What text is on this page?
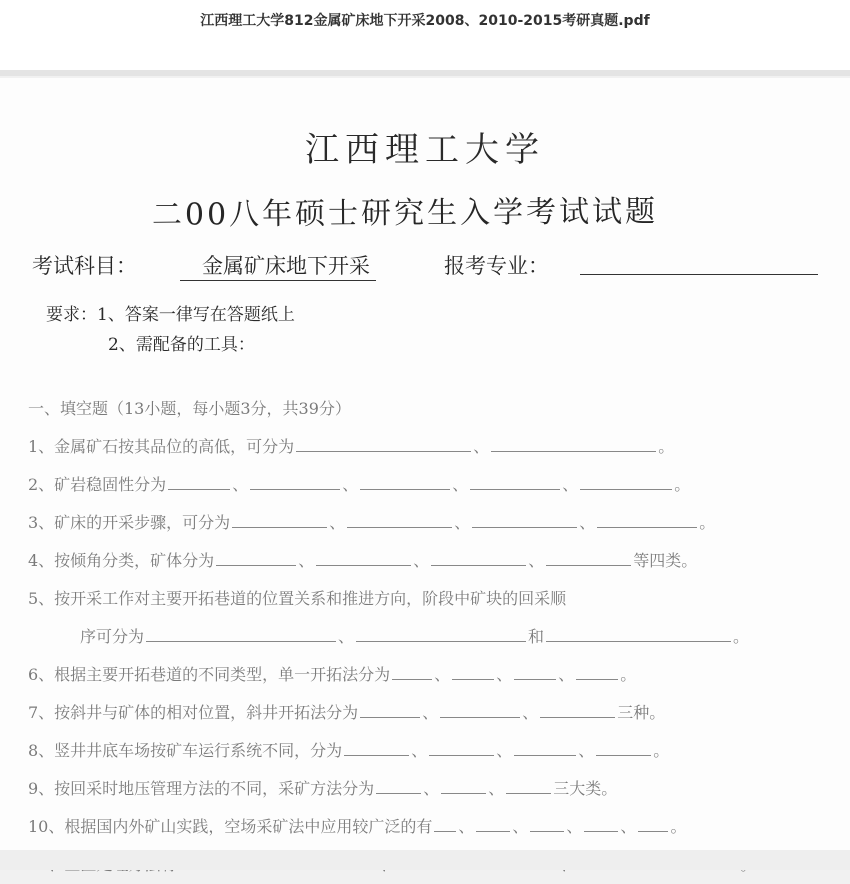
江西理工大学812金属矿床地下开采2008、2010-2015考研真题.pdf
江西理工大学
二00八年硕士研究生入学考试试题
考试科目：	金属矿床地下开采	报考专业：
要求：1、答案一律写在答题纸上
2、需配备的工具：
一、填空题（13小题，每小题3分，共39分）
1、金属矿石按其品位的高低，可分为	、	。
2、矿岩稳固性分为	、	、	、	、	。
3、矿床的开采步骤，可分为	、	、	、	。
4、按倾角分类，矿体分为	、	、	、	等四类。
5、按开采工作对主要开拓巷道的位置关系和推进方向，阶段中矿块的回采顺
序可分为	、	和	。
6、根据主要开拓巷道的不同类型，单一开拓法分为	、	、	、	。
7、按斜井与矿体的相对位置，斜井开拓法分为	、	、	三种。
8、竖井井底车场按矿车运行系统不同，分为	、	、	、	。
9、按回采时地压管理方法的不同，采矿方法分为	、	、	三大类。
10、根据国内外矿山实践，空场采矿法中应用较广泛的有 、 、 、 、 。
